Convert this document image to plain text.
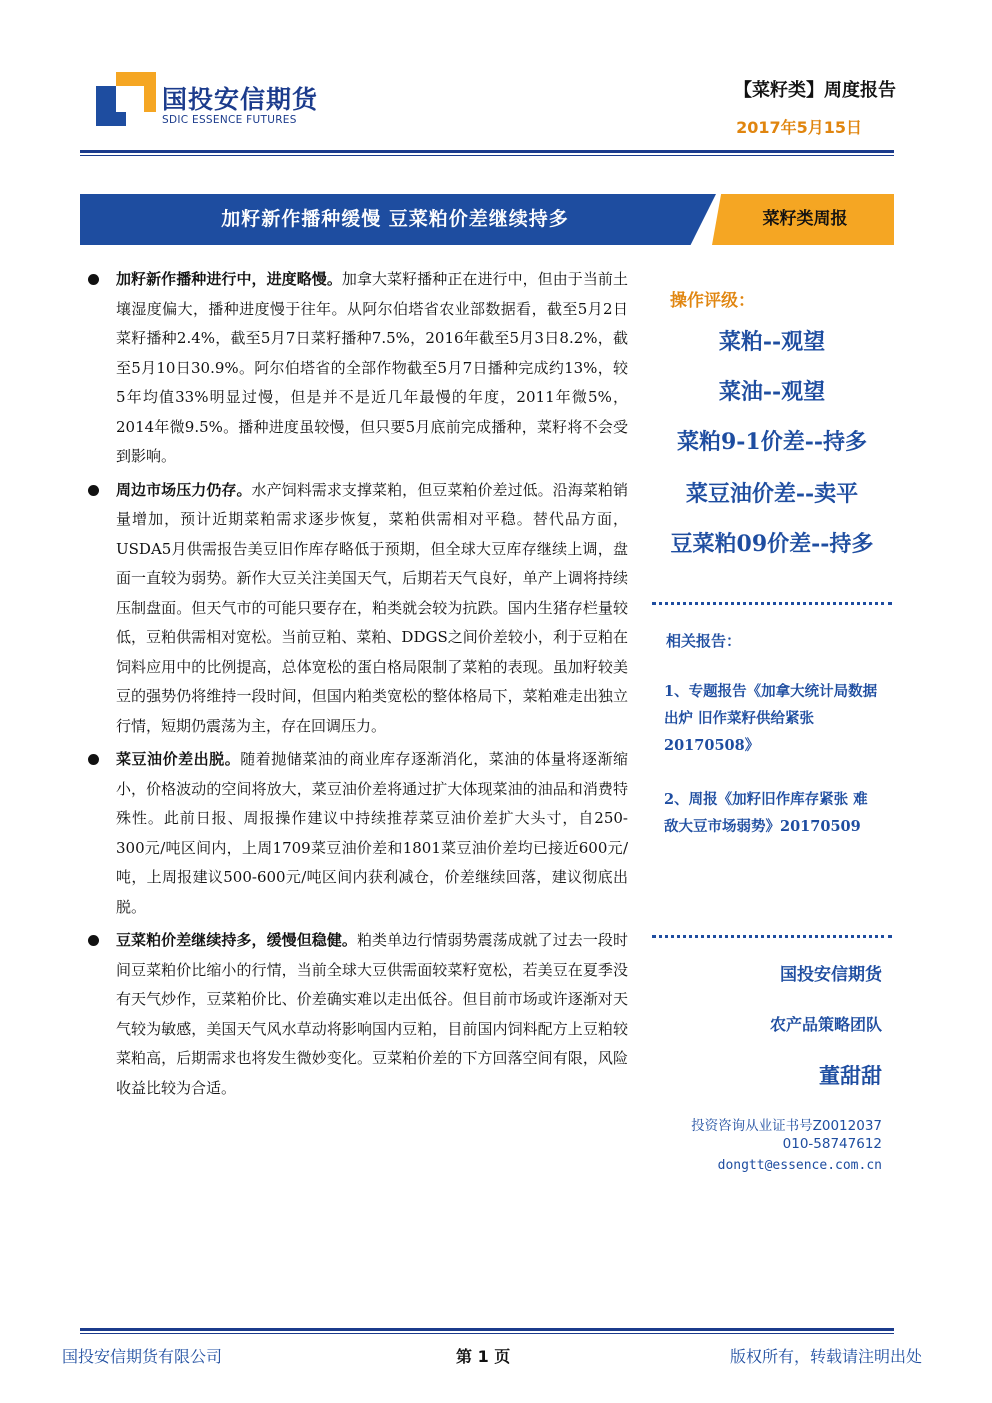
国投安信期货
SDIC ESSENCE FUTURES
【菜籽类】周度报告
2017年5月15日
加籽新作播种缓慢 豆菜粕价差继续持多	菜籽类周报
加籽新作播种进行中，进度略慢。加拿大菜籽播种正在进行中，但由于当前土壤湿度偏大，播种进度慢于往年。从阿尔伯塔省农业部数据看，截至5月2日菜籽播种2.4%，截至5月7日菜籽播种7.5%，2016年截至5月3日8.2%，截至5月10日30.9%。阿尔伯塔省的全部作物截至5月7日播种完成约13%，较5年均值33%明显过慢，但是并不是近几年最慢的年度，2011年微5%，2014年微9.5%。播种进度虽较慢，但只要5月底前完成播种，菜籽将不会受到影响。
周边市场压力仍存。水产饲料需求支撑菜粕，但豆菜粕价差过低。沿海菜粕销量增加，预计近期菜粕需求逐步恢复，菜粕供需相对平稳。替代品方面，USDA5月供需报告美豆旧作库存略低于预期，但全球大豆库存继续上调，盘面一直较为弱势。新作大豆关注美国天气，后期若天气良好，单产上调将持续压制盘面。但天气市的可能只要存在，粕类就会较为抗跌。国内生猪存栏量较低，豆粕供需相对宽松。当前豆粕、菜粕、DDGS之间价差较小，利于豆粕在饲料应用中的比例提高，总体宽松的蛋白格局限制了菜粕的表现。虽加籽较美豆的强势仍将维持一段时间，但国内粕类宽松的整体格局下，菜粕难走出独立行情，短期仍震荡为主，存在回调压力。
菜豆油价差出脱。随着抛储菜油的商业库存逐渐消化，菜油的体量将逐渐缩小，价格波动的空间将放大，菜豆油价差将通过扩大体现菜油的油品和消费特殊性。此前日报、周报操作建议中持续推荐菜豆油价差扩大头寸，自250-300元/吨区间内，上周1709菜豆油价差和1801菜豆油价差均已接近600元/吨，上周报建议500-600元/吨区间内获利减仓，价差继续回落，建议彻底出脱。
豆菜粕价差继续持多，缓慢但稳健。粕类单边行情弱势震荡成就了过去一段时间豆菜粕价比缩小的行情，当前全球大豆供需面较菜籽宽松，若美豆在夏季没有天气炒作，豆菜粕价比、价差确实难以走出低谷。但目前市场或许逐渐对天气较为敏感，美国天气风水草动将影响国内豆粕，目前国内饲料配方上豆粕较菜粕高，后期需求也将发生微妙变化。豆菜粕价差的下方回落空间有限，风险收益比较为合适。
操作评级：
菜粕--观望
菜油--观望
菜粕9-1价差--持多
菜豆油价差--卖平
豆菜粕09价差--持多
相关报告：
1、专题报告《加拿大统计局数据出炉 旧作菜籽供给紧张20170508》
2、周报《加籽旧作库存紧张 难敌大豆市场弱势》20170509
国投安信期货
农产品策略团队
董甜甜
投资咨询从业证书号Z0012037
010-58747612
dongtt@essence.com.cn
国投安信期货有限公司	第 1 页	版权所有，转载请注明出处
